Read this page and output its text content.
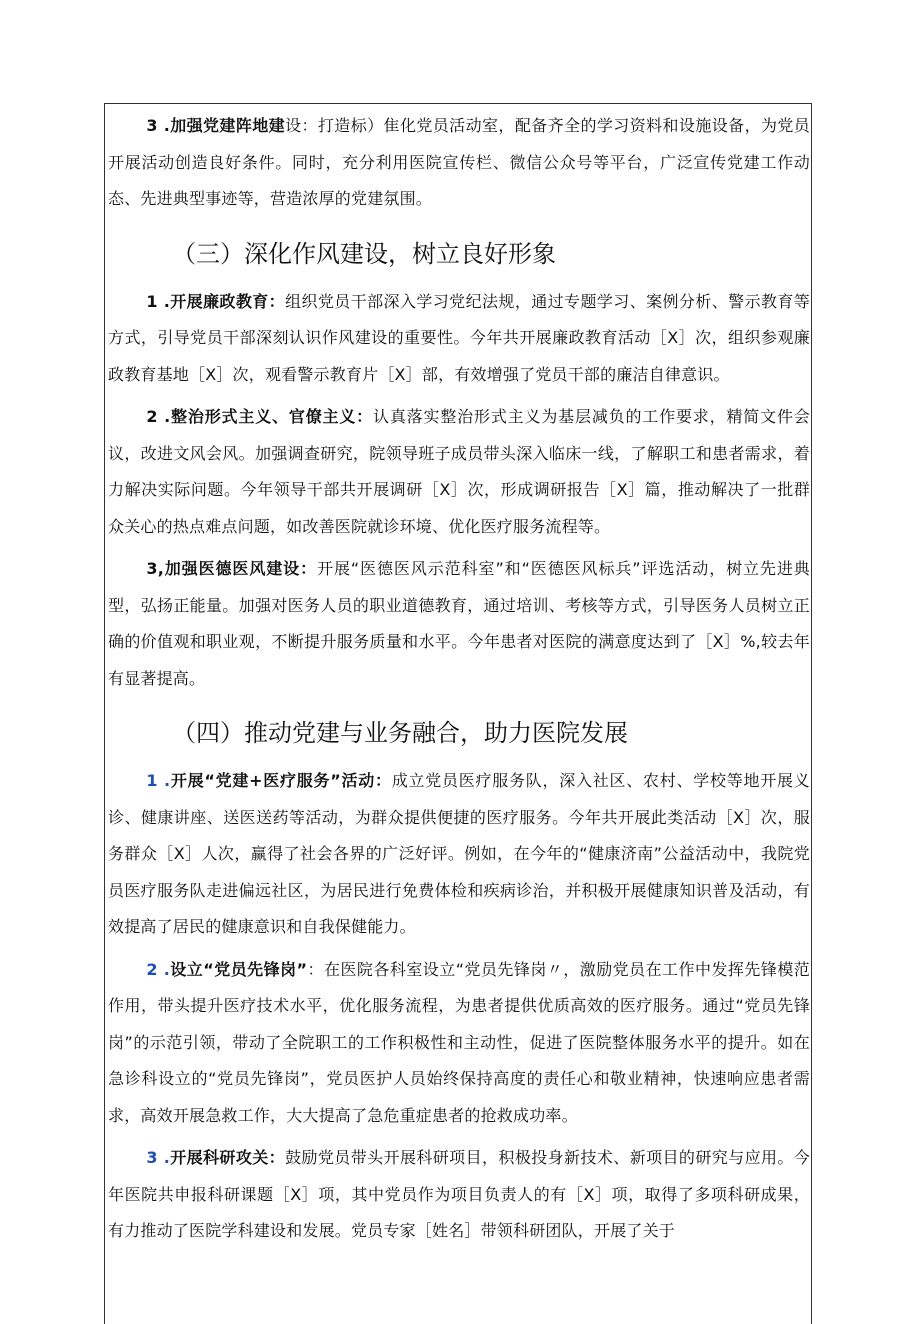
3 .加强党建阵地建设：打造标）隹化党员活动室，配备齐全的学习资料和设施设备，为党员开展活动创造良好条件。同时，充分利用医院宣传栏、微信公众号等平台，广泛宣传党建工作动态、先进典型事迹等，营造浓厚的党建氛围。

（三）深化作风建设，树立良好形象

1 .开展廉政教育：组织党员干部深入学习党纪法规，通过专题学习、案例分析、警示教育等方式，引导党员干部深刻认识作风建设的重要性。今年共开展廉政教育活动［X］次，组织参观廉政教育基地［X］次，观看警示教育片［X］部，有效增强了党员干部的廉洁自律意识。

2 .整治形式主义、官僚主义：认真落实整治形式主义为基层减负的工作要求，精简文件会议，改进文风会风。加强调查研究，院领导班子成员带头深入临床一线，了解职工和患者需求，着力解决实际问题。今年领导干部共开展调研［X］次，形成调研报告［X］篇，推动解决了一批群众关心的热点难点问题，如改善医院就诊环境、优化医疗服务流程等。

3,加强医德医风建设：开展“医德医风示范科室”和“医德医风标兵”评选活动，树立先进典型，弘扬正能量。加强对医务人员的职业道德教育，通过培训、考核等方式，引导医务人员树立正确的价值观和职业观，不断提升服务质量和水平。今年患者对医院的满意度达到了［X］%,较去年有显著提高。

（四）推动党建与业务融合，助力医院发展

1 .开展“党建+医疗服务”活动：成立党员医疗服务队，深入社区、农村、学校等地开展义诊、健康讲座、送医送药等活动，为群众提供便捷的医疗服务。今年共开展此类活动［X］次，服务群众［X］人次，赢得了社会各界的广泛好评。例如，在今年的“健康济南”公益活动中，我院党员医疗服务队走进偏远社区，为居民进行免费体检和疾病诊治，并积极开展健康知识普及活动，有效提高了居民的健康意识和自我保健能力。

2 .设立“党员先锋岗”：在医院各科室设立“党员先锋岗〃，激励党员在工作中发挥先锋模范作用，带头提升医疗技术水平，优化服务流程，为患者提供优质高效的医疗服务。通过“党员先锋岗”的示范引领，带动了全院职工的工作积极性和主动性，促进了医院整体服务水平的提升。如在急诊科设立的“党员先锋岗”，党员医护人员始终保持高度的责任心和敬业精神，快速响应患者需求，高效开展急救工作，大大提高了急危重症患者的抢救成功率。

3 .开展科研攻关：鼓励党员带头开展科研项目，积极投身新技术、新项目的研究与应用。今年医院共申报科研课题［X］项，其中党员作为项目负责人的有［X］项，取得了多项科研成果，有力推动了医院学科建设和发展。党员专家［姓名］带领科研团队，开展了关于
